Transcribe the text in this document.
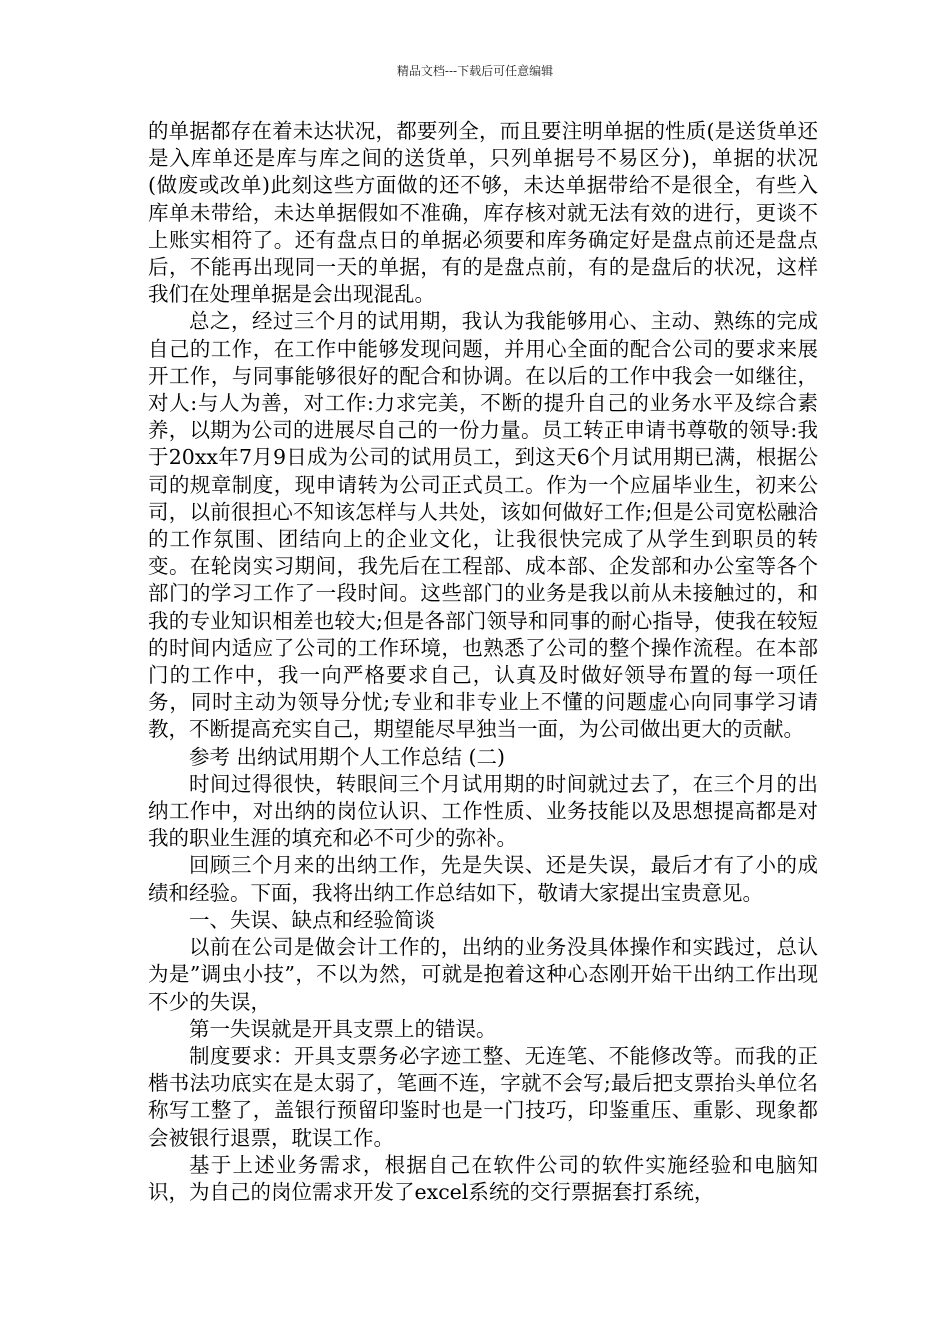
精品文档---下载后可任意编辑

的单据都存在着未达状况，都要列全，而且要注明单据的性质(是送货单还是入库单还是库与库之间的送货单，只列单据号不易区分)，单据的状况(做废或改单)此刻这些方面做的还不够，未达单据带给不是很全，有些入库单未带给，未达单据假如不准确，库存核对就无法有效的进行，更谈不上账实相符了。还有盘点日的单据必须要和库务确定好是盘点前还是盘点后，不能再出现同一天的单据，有的是盘点前，有的是盘后的状况，这样我们在处理单据是会出现混乱。

总之，经过三个月的试用期，我认为我能够用心、主动、熟练的完成自己的工作，在工作中能够发现问题，并用心全面的配合公司的要求来展开工作，与同事能够很好的配合和协调。在以后的工作中我会一如继往，对人:与人为善，对工作:力求完美，不断的提升自己的业务水平及综合素养，以期为公司的进展尽自己的一份力量。员工转正申请书尊敬的领导:我于20xx年7月9日成为公司的试用员工，到这天6个月试用期已满，根据公司的规章制度，现申请转为公司正式员工。作为一个应届毕业生，初来公司，以前很担心不知该怎样与人共处，该如何做好工作;但是公司宽松融洽的工作氛围、团结向上的企业文化，让我很快完成了从学生到职员的转变。在轮岗实习期间，我先后在工程部、成本部、企发部和办公室等各个部门的学习工作了一段时间。这些部门的业务是我以前从未接触过的，和我的专业知识相差也较大;但是各部门领导和同事的耐心指导，使我在较短的时间内适应了公司的工作环境，也熟悉了公司的整个操作流程。在本部门的工作中，我一向严格要求自己，认真及时做好领导布置的每一项任务，同时主动为领导分忧;专业和非专业上不懂的问题虚心向同事学习请教，不断提高充实自己，期望能尽早独当一面，为公司做出更大的贡献。

参考 出纳试用期个人工作总结 (二)

时间过得很快，转眼间三个月试用期的时间就过去了，在三个月的出纳工作中，对出纳的岗位认识、工作性质、业务技能以及思想提高都是对我的职业生涯的填充和必不可少的弥补。

回顾三个月来的出纳工作，先是失误、还是失误，最后才有了小的成绩和经验。下面，我将出纳工作总结如下，敬请大家提出宝贵意见。

一、失误、缺点和经验简谈

以前在公司是做会计工作的，出纳的业务没具体操作和实践过，总认为是”调虫小技”，不以为然，可就是抱着这种心态刚开始干出纳工作出现不少的失误，

第一失误就是开具支票上的错误。

制度要求：开具支票务必字迹工整、无连笔、不能修改等。而我的正楷书法功底实在是太弱了，笔画不连，字就不会写;最后把支票抬头单位名称写工整了，盖银行预留印鉴时也是一门技巧，印鉴重压、重影、现象都会被银行退票，耽误工作。

基于上述业务需求，根据自己在软件公司的软件实施经验和电脑知识，为自己的岗位需求开发了excel系统的交行票据套打系统，
